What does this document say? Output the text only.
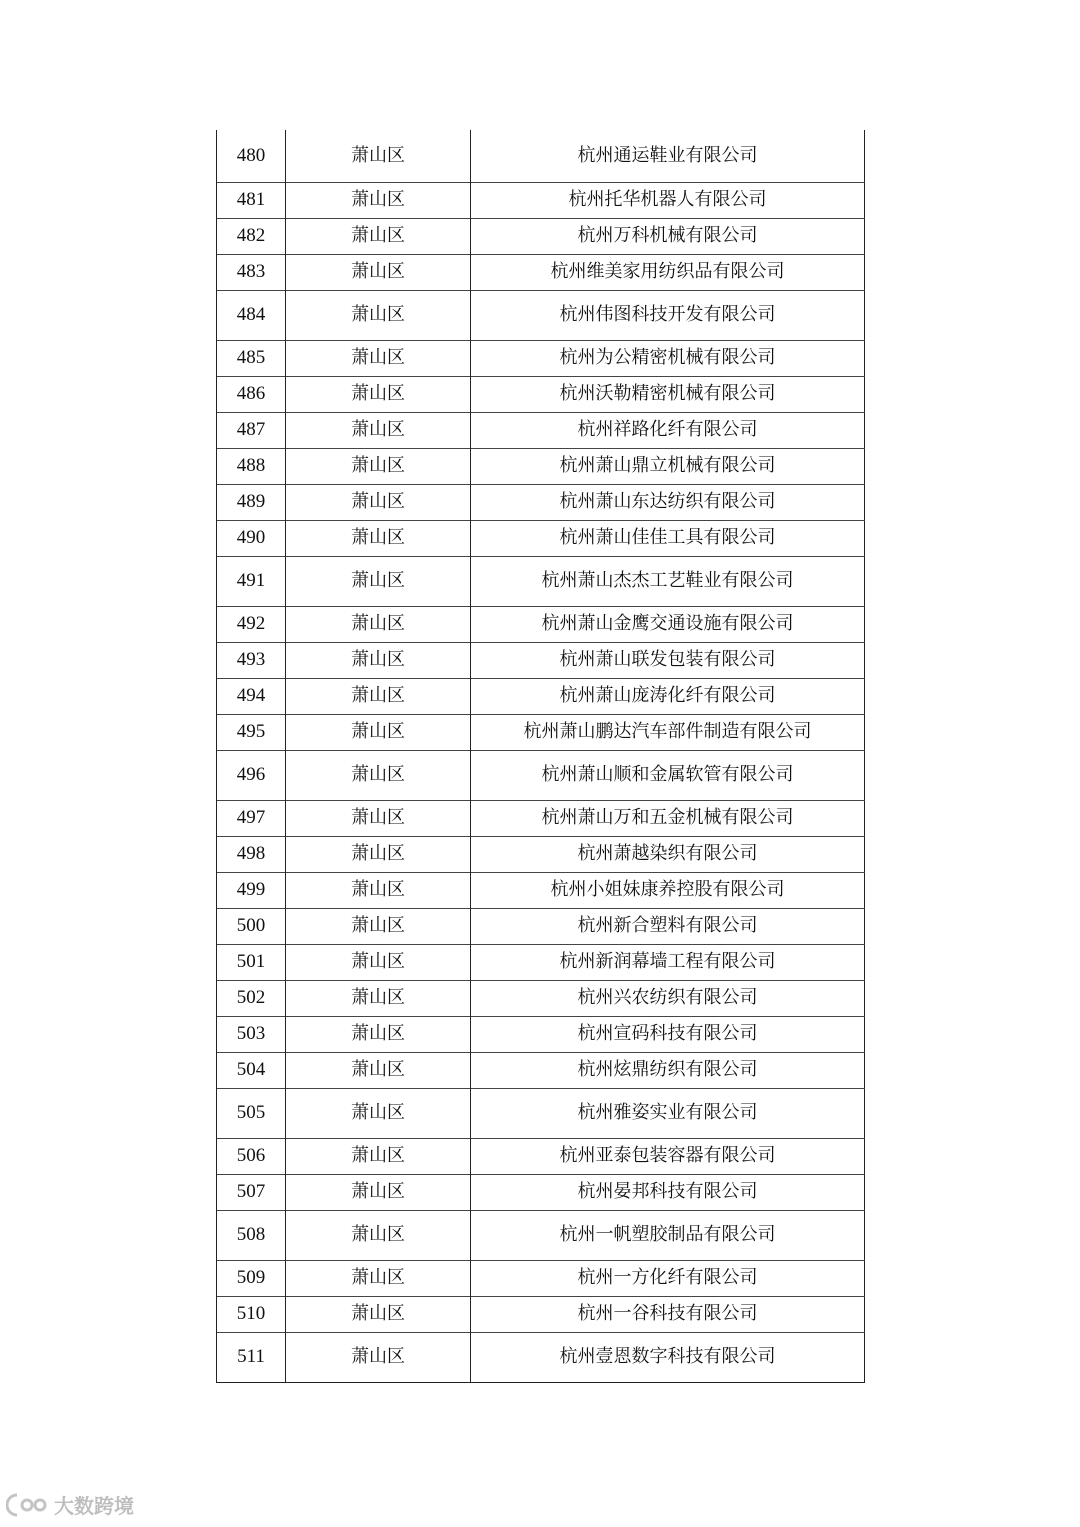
480	萧山区	杭州通运鞋业有限公司
481	萧山区	杭州托华机器人有限公司
482	萧山区	杭州万科机械有限公司
483	萧山区	杭州维美家用纺织品有限公司
484	萧山区	杭州伟图科技开发有限公司
485	萧山区	杭州为公精密机械有限公司
486	萧山区	杭州沃勒精密机械有限公司
487	萧山区	杭州祥路化纤有限公司
488	萧山区	杭州萧山鼎立机械有限公司
489	萧山区	杭州萧山东达纺织有限公司
490	萧山区	杭州萧山佳佳工具有限公司
491	萧山区	杭州萧山杰杰工艺鞋业有限公司
492	萧山区	杭州萧山金鹰交通设施有限公司
493	萧山区	杭州萧山联发包装有限公司
494	萧山区	杭州萧山庞涛化纤有限公司
495	萧山区	杭州萧山鹏达汽车部件制造有限公司
496	萧山区	杭州萧山顺和金属软管有限公司
497	萧山区	杭州萧山万和五金机械有限公司
498	萧山区	杭州萧越染织有限公司
499	萧山区	杭州小姐妹康养控股有限公司
500	萧山区	杭州新合塑料有限公司
501	萧山区	杭州新润幕墙工程有限公司
502	萧山区	杭州兴农纺织有限公司
503	萧山区	杭州宣码科技有限公司
504	萧山区	杭州炫鼎纺织有限公司
505	萧山区	杭州雅姿实业有限公司
506	萧山区	杭州亚泰包装容器有限公司
507	萧山区	杭州晏邦科技有限公司
508	萧山区	杭州一帆塑胶制品有限公司
509	萧山区	杭州一方化纤有限公司
510	萧山区	杭州一谷科技有限公司
511	萧山区	杭州壹恩数字科技有限公司
大数跨境
